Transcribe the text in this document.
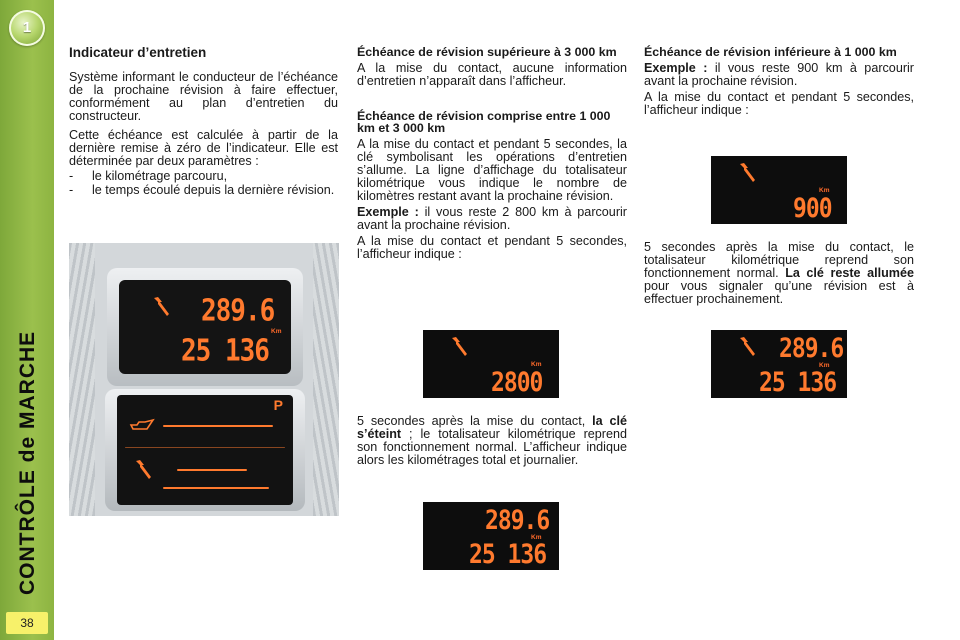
1
CONTRÔLE de MARCHE
38
Indicateur d’entretien

Système informant le conducteur de l’échéance de la prochaine révision à faire effectuer, conformément au plan d’entretien du constructeur.

Cette échéance est calculée à partir de la dernière remise à zéro de l’indicateur. Elle est déterminée par deux paramètres :

- le kilométrage parcouru,
- le temps écoulé depuis la dernière révision.
289.6
Km
25 136
P
Échéance de révision supérieure à 3 000 km

A la mise du contact, aucune information d’entretien n’apparaît dans l’afficheur.

Échéance de révision comprise entre 1 000 km et 3 000 km

A la mise du contact et pendant 5 secondes, la clé symbolisant les opérations d’entretien s’allume. La ligne d’affichage du totalisateur kilométrique vous indique le nombre de kilomètres restant avant la prochaine révision.

Exemple : il vous reste 2 800 km à parcourir avant la prochaine révision.

A la mise du contact et pendant 5 secondes, l’afficheur indique :

5 secondes après la mise du contact, la clé s’éteint ; le totalisateur kilométrique reprend son fonctionnement normal. L’afficheur indique alors les kilométrages total et journalier.

Échéance de révision inférieure à 1 000 km

Exemple : il vous reste 900 km à parcourir avant la prochaine révision.

A la mise du contact et pendant 5 secondes, l’afficheur indique :

5 secondes après la mise du contact, le totalisateur kilométrique reprend son fonctionnement normal. La clé reste allumée pour vous signaler qu’une révision est à effectuer prochainement.

Km
2800
289.6
Km
25 136
Km
900
289.6
Km
25 136
